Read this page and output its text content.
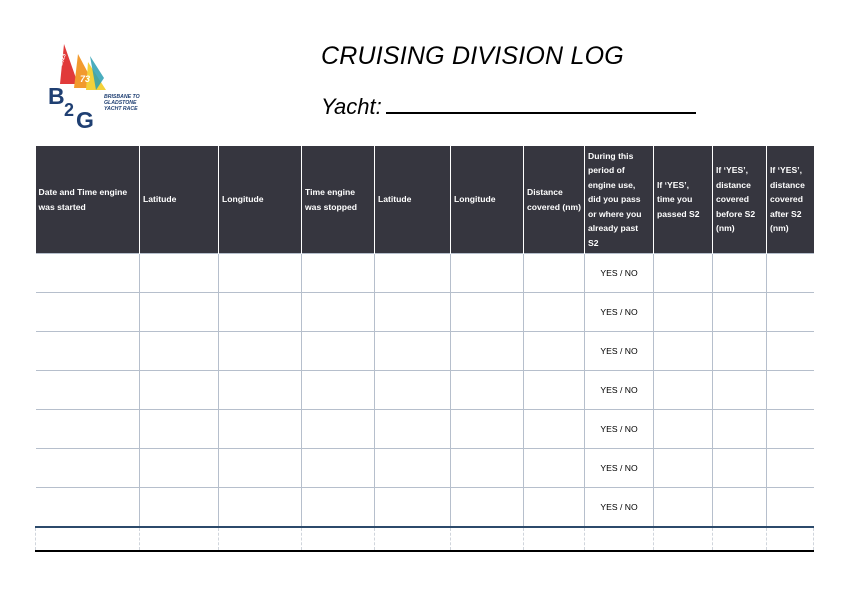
2023
73
B
2 G
BRISBANE TO
GLADSTONE
YACHT RACE
CRUISING DIVISION LOG
Yacht:
Date and Time engine was started	Latitude	Longitude	Time engine was stopped	Latitude	Longitude	Distance covered (nm)	During this period of engine use, did you pass or where you already past S2	If ‘YES’, time you passed S2	If ‘YES’, distance covered before S2 (nm)	If ‘YES’, distance covered after S2 (nm)
							YES / NO			
							YES / NO			
							YES / NO			
							YES / NO			
							YES / NO			
							YES / NO			
							YES / NO			
